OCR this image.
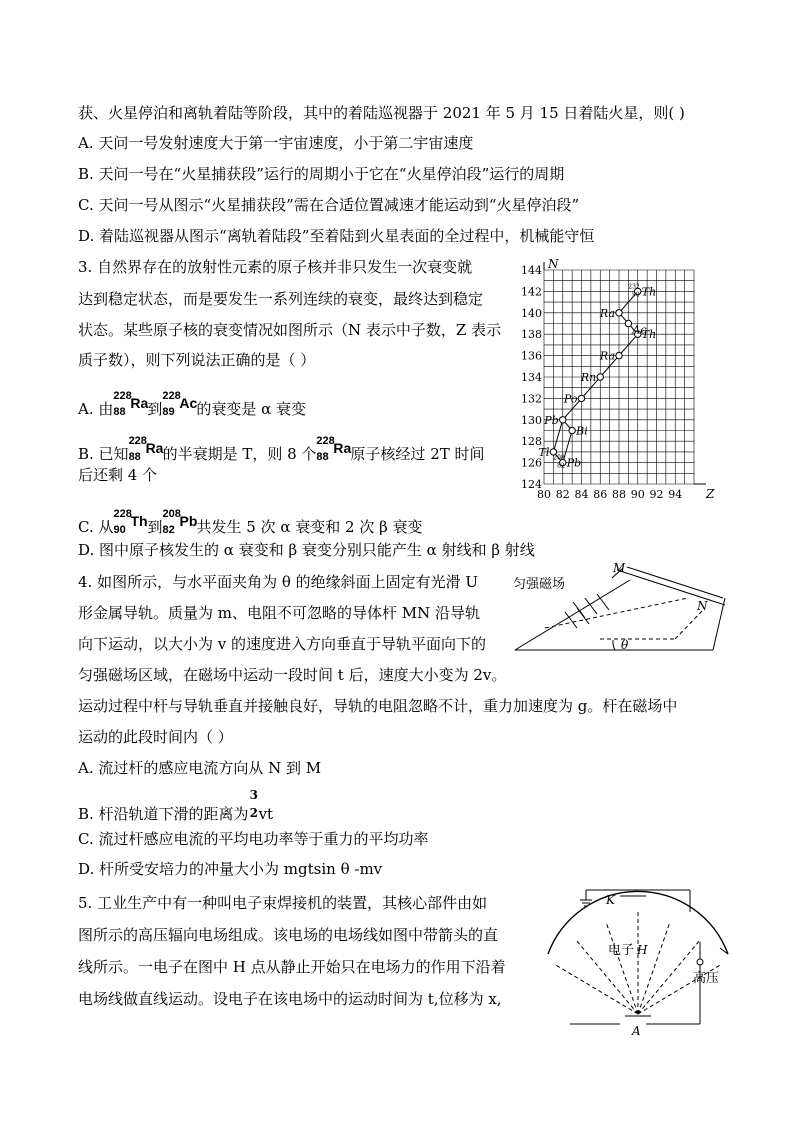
获、火星停泊和离轨着陆等阶段，其中的着陆巡视器于 2021 年 5 月 15 日着陆火星，则( )
A. 天问一号发射速度大于第一宇宙速度，小于第二宇宙速度
B. 天问一号在“火星捕获段”运行的周期小于它在“火星停泊段”运行的周期
C. 天问一号从图示“火星捕获段”需在合适位置减速才能运动到“火星停泊段”
D. 着陆巡视器从图示“离轨着陆段”至着陆到火星表面的全过程中，机械能守恒
3. 自然界存在的放射性元素的原子核并非只发生一次衰变就
达到稳定状态，而是要发生一系列连续的衰变，最终达到稳定
状态。某些原子核的衰变情况如图所示（N 表示中子数，Z 表示
质子数），则下列说法正确的是（ ）
A. 由
228
88
Ra 到
228
89
Ac 的衰变是 α 衰变
B. 已知
228
88
Ra 的半衰期是 T，则 8 个
228
88
Ra 原子核经过 2T 时间
后还剩 4 个
C. 从
228
90
Th 到
208
82
Pb 共发生 5 次 α 衰变和 2 次 β 衰变
D. 图中原子核发生的 α 衰变和 β 衰变分别只能产生 α 射线和 β 射线
80 82 84 86 88 90 92 94
124
126
128
130
132
134
136
138
140
142
144
Z
N
Th
232
90
Ra
Ac
Th
Ra
Rn
Po
Pb
Bi
Tl
Pb
208
82
4. 如图所示，与水平面夹角为 θ 的绝缘斜面上固定有光滑 U
形金属导轨。质量为 m、电阻不可忽略的导体杆 MN 沿导轨
向下运动，以大小为 v 的速度进入方向垂直于导轨平面向下的
匀强磁场区域，在磁场中运动一段时间 t 后，速度大小变为 2v。
运动过程中杆与导轨垂直并接触良好，导轨的电阻忽略不计，重力加速度为 g。杆在磁场中
运动的此段时间内（ ）
A. 流过杆的感应电流方向从 N 到 M
B. 杆沿轨道下滑的距离为
3
2 vt
C. 流过杆感应电流的平均电功率等于重力的平均功率
D. 杆所受安培力的冲量大小为 mgtsin θ -mv
M
N
匀强磁场
θ
5. 工业生产中有一种叫电子束焊接机的装置，其核心部件由如
图所示的高压辐向电场组成。该电场的电场线如图中带箭头的直
线所示。一电子在图中 H 点从静止开始只在电场力的作用下沿着
电场线做直线运动。设电子在该电场中的运动时间为 t,位移为 x,
K
电子 H
高压
A
